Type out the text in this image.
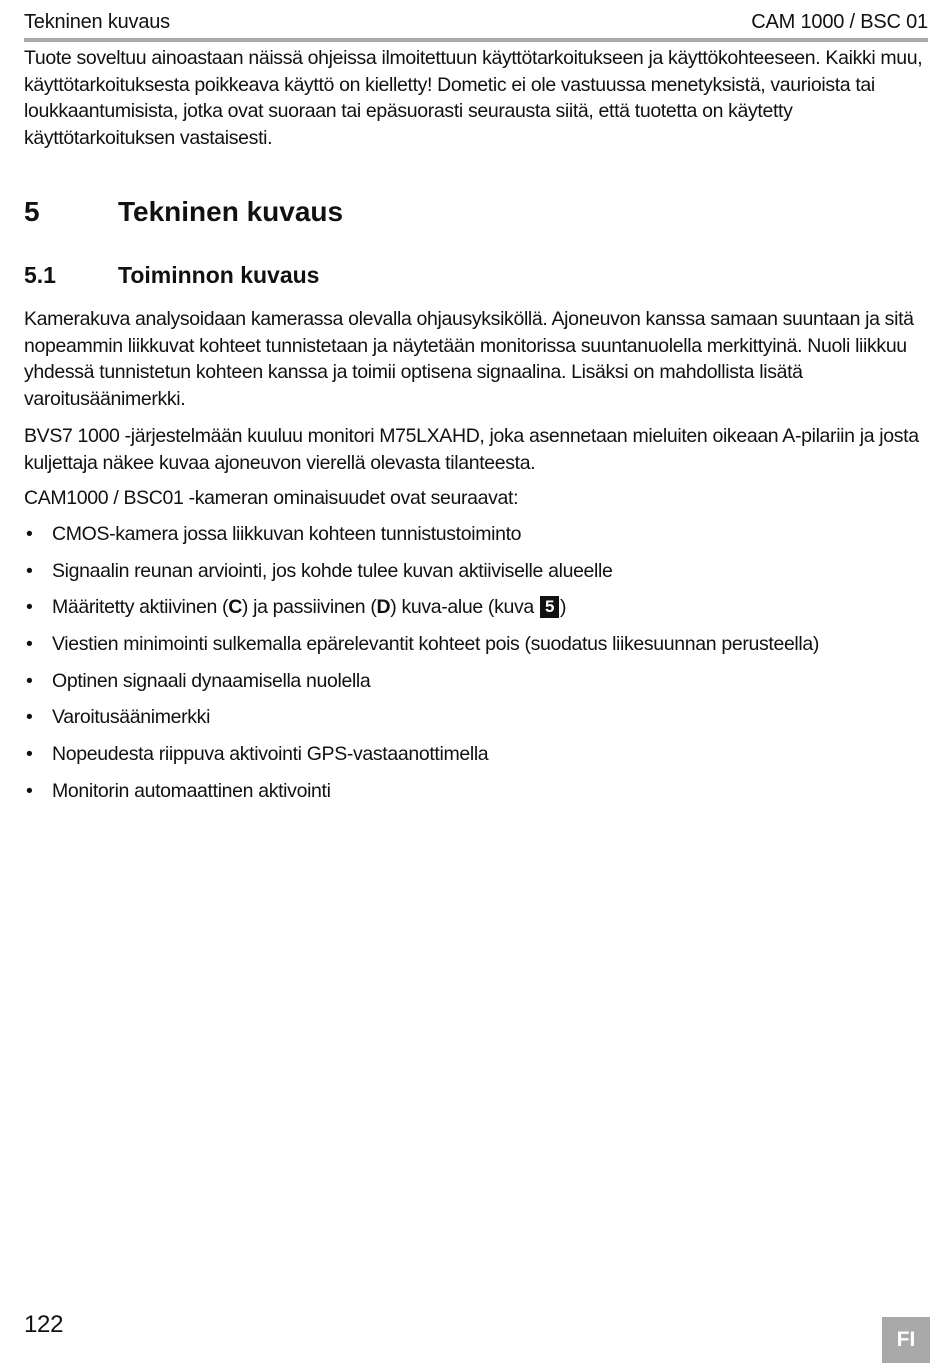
Tekninen kuvaus	CAM 1000 / BSC 01

Tuote soveltuu ainoastaan näissä ohjeissa ilmoitettuun käyttötarkoitukseen ja käyttökohteeseen. Kaikki muu, käyttötarkoituksesta poikkeava käyttö on kielletty! Dometic ei ole vastuussa menetyksistä, vaurioista tai loukkaantumisista, jotka ovat suoraan tai epäsuorasti seurausta siitä, että tuotetta on käytetty käyttötarkoituksen vastaisesti.

5	Tekninen kuvaus
5.1	Toiminnon kuvaus

Kamerakuva analysoidaan kamerassa olevalla ohjausyksiköllä. Ajoneuvon kanssa samaan suuntaan ja sitä nopeammin liikkuvat kohteet tunnistetaan ja näytetään monitorissa suuntanuolella merkittyinä. Nuoli liikkuu yhdessä tunnistetun kohteen kanssa ja toimii optisena signaalina. Lisäksi on mahdollista lisätä varoitusäänimerkki.

BVS7 1000 -järjestelmään kuuluu monitori M75LXAHD, joka asennetaan mieluiten oikeaan A-pilariin ja josta kuljettaja näkee kuvaa ajoneuvon vierellä olevasta tilanteesta.

CAM1000 / BSC01 -kameran ominaisuudet ovat seuraavat:

• CMOS-kamera jossa liikkuvan kohteen tunnistustoiminto
• Signaalin reunan arviointi, jos kohde tulee kuvan aktiiviselle alueelle
• Määritetty aktiivinen (C) ja passiivinen (D) kuva-alue (kuva 5 )
• Viestien minimointi sulkemalla epärelevantit kohteet pois (suodatus liikesuunnan perusteella)
• Optinen signaali dynaamisella nuolella
• Varoitusäänimerkki
• Nopeudesta riippuva aktivointi GPS-vastaanottimella
• Monitorin automaattinen aktivointi
122
FI
